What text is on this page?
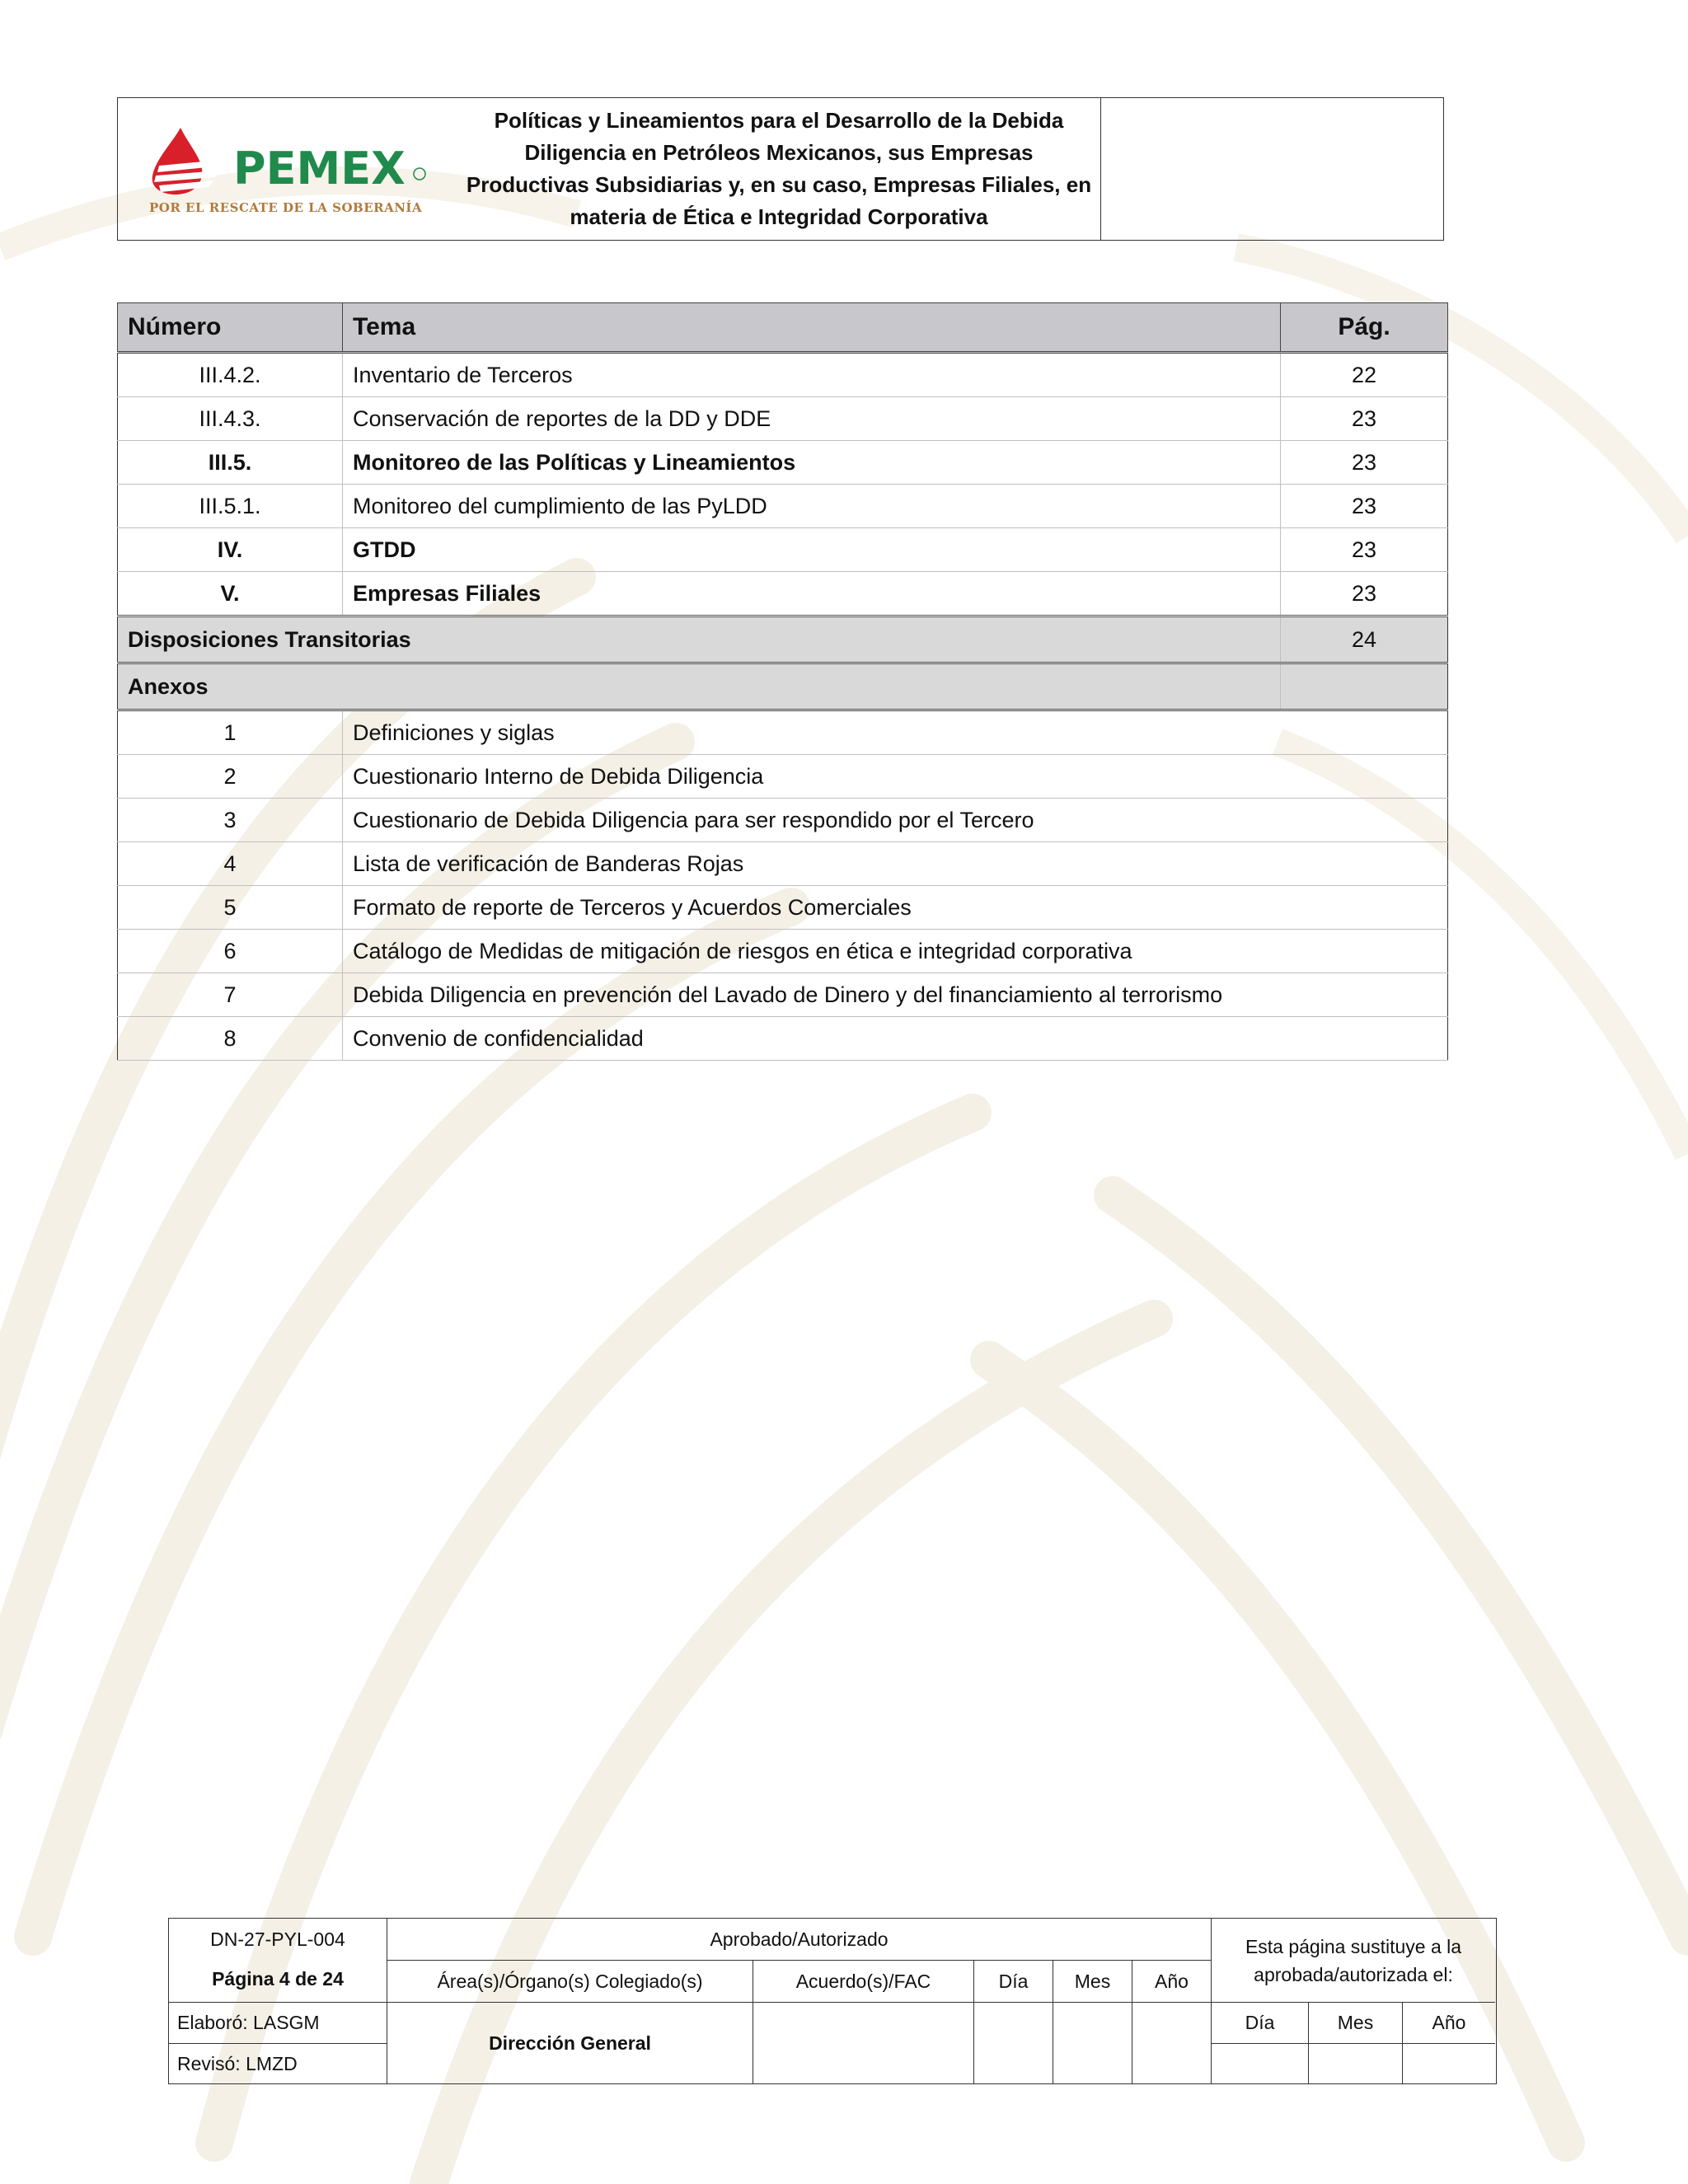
PEMEX
POR EL RESCATE DE LA SOBERANÍA
Políticas y Lineamientos para el Desarrollo de la Debida Diligencia en Petróleos Mexicanos, sus Empresas Productivas Subsidiarias y, en su caso, Empresas Filiales, en materia de Ética e Integridad Corporativa
Número	Tema	Pág.
III.4.2.	Inventario de Terceros	22
III.4.3.	Conservación de reportes de la DD y DDE	23
III.5.	Monitoreo de las Políticas y Lineamientos	23
III.5.1.	Monitoreo del cumplimiento de las PyLDD	23
IV.	GTDD	23
V.	Empresas Filiales	23
Disposiciones Transitorias		24
Anexos		
1	Definiciones y siglas	
2	Cuestionario Interno de Debida Diligencia	
3	Cuestionario de Debida Diligencia para ser respondido por el Tercero	
4	Lista de verificación de Banderas Rojas	
5	Formato de reporte de Terceros y Acuerdos Comerciales	
6	Catálogo de Medidas de mitigación de riesgos en ética e integridad corporativa	
7	Debida Diligencia en prevención del Lavado de Dinero y del financiamiento al terrorismo	
8	Convenio de confidencialidad	
DN-27-PYL-004
Página 4 de 24
Elaboró: LASGM
Revisó: LMZD
Aprobado/Autorizado
Área(s)/Órgano(s) Colegiado(s)	Acuerdo(s)/FAC	Día	Mes	Año
Dirección General
Esta página sustituye a la aprobada/autorizada el:
Día	Mes	Año
